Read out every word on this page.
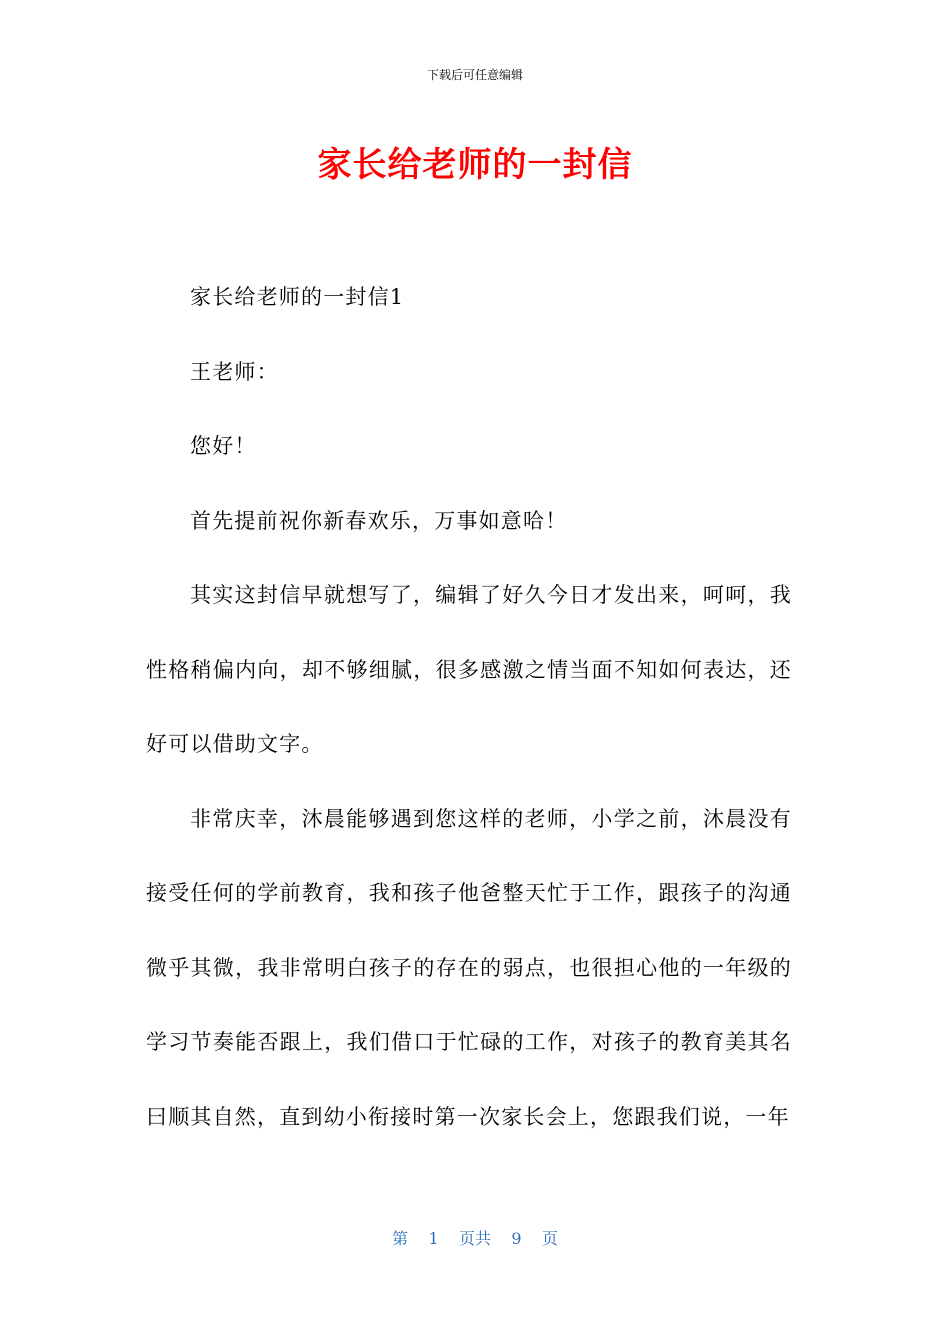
下载后可任意编辑
家长给老师的一封信

家长给老师的一封信1

王老师：

您好！

首先提前祝你新春欢乐，万事如意哈！

其实这封信早就想写了，编辑了好久今日才发出来，呵呵，我性格稍偏内向，却不够细腻，很多感激之情当面不知如何表达，还好可以借助文字。

非常庆幸，沐晨能够遇到您这样的老师，小学之前，沐晨没有接受任何的学前教育，我和孩子他爸整天忙于工作，跟孩子的沟通微乎其微，我非常明白孩子的存在的弱点，也很担心他的一年级的学习节奏能否跟上，我们借口于忙碌的工作，对孩子的教育美其名曰顺其自然，直到幼小衔接时第一次家长会上，您跟我们说，一年

第 1 页共 9 页
